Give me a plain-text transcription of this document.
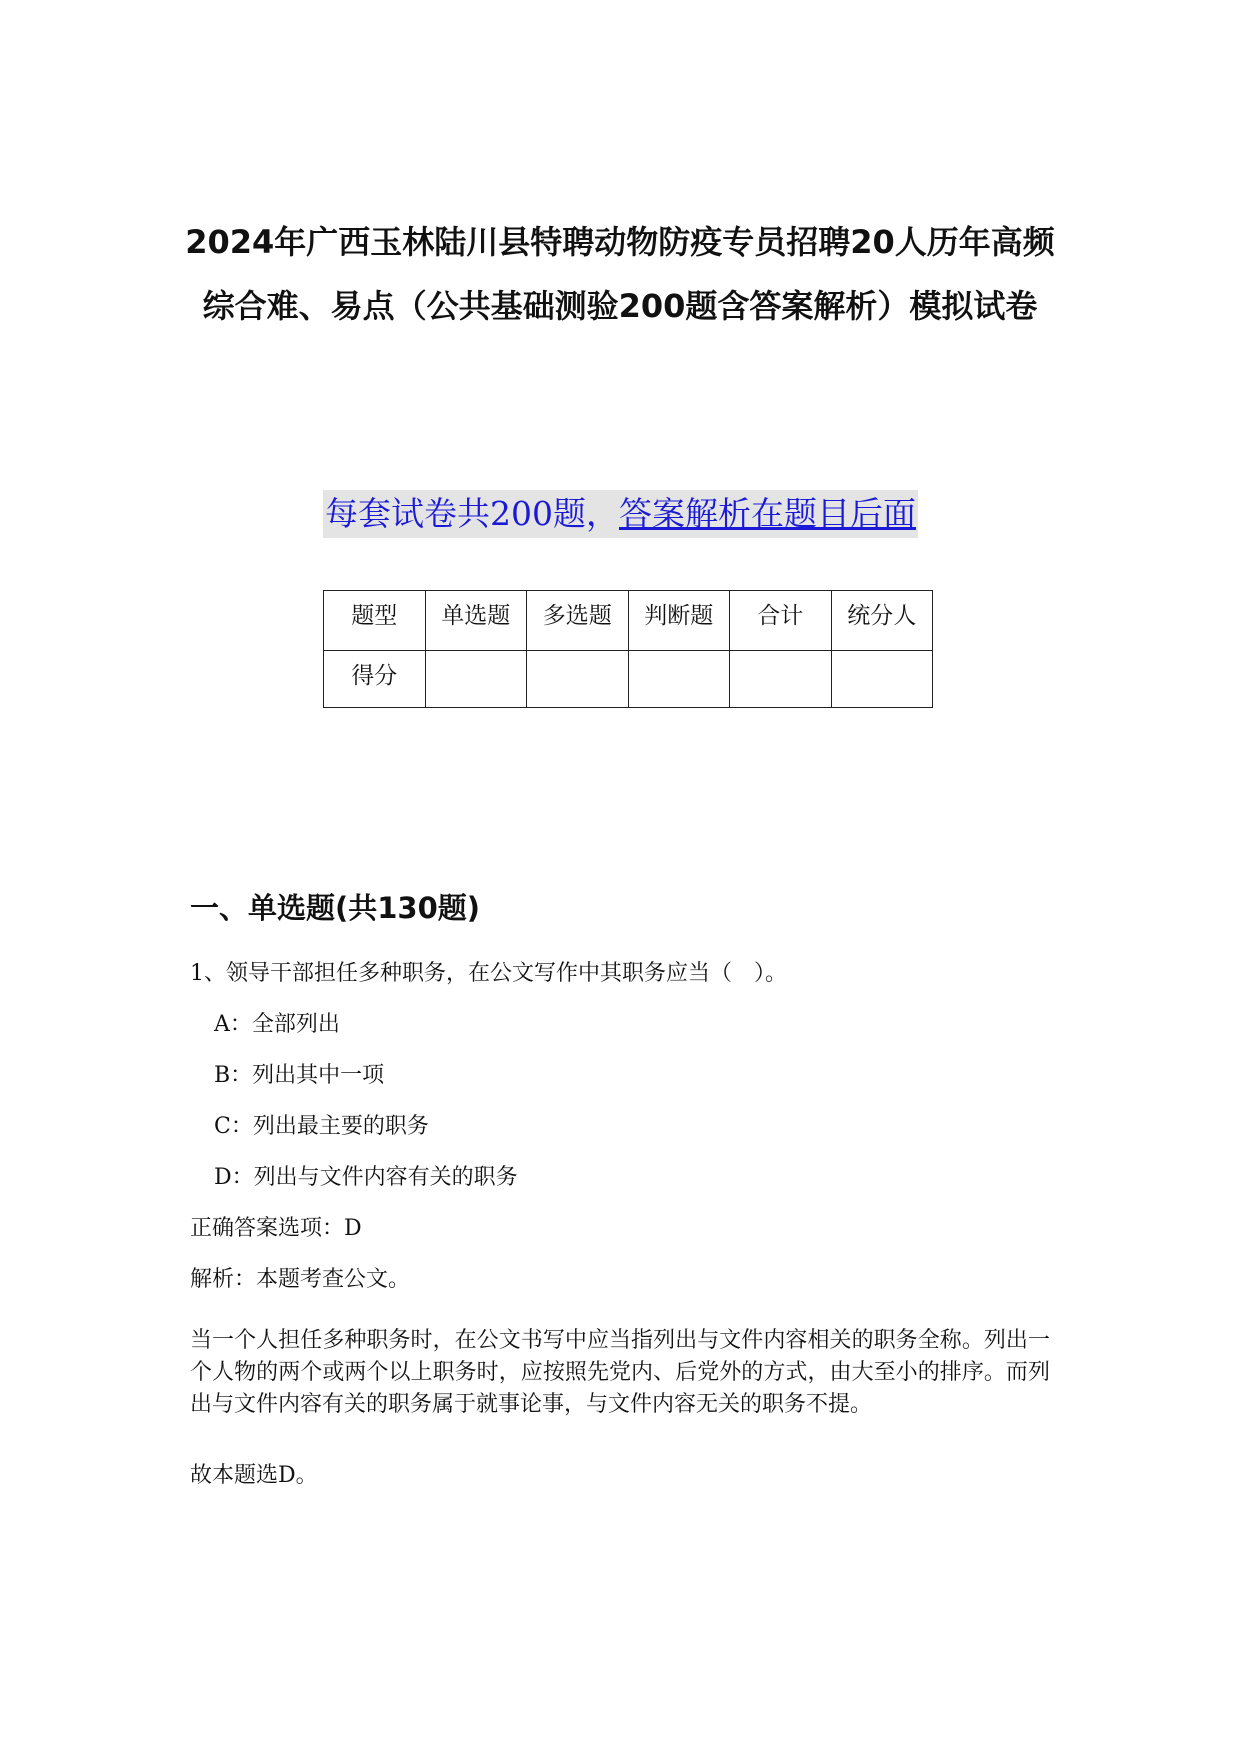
2024年广西玉林陆川县特聘动物防疫专员招聘20人历年高频综合难、易点（公共基础测验200题含答案解析）模拟试卷
每套试卷共200题，答案解析在题目后面
题型	单选题	多选题	判断题	合计	统分人
得分					
一、单选题(共130题)

1、领导干部担任多种职务，在公文写作中其职务应当（　）。

A：全部列出

B：列出其中一项

C：列出最主要的职务

D：列出与文件内容有关的职务

正确答案选项：D

解析：本题考查公文。

当一个人担任多种职务时，在公文书写中应当指列出与文件内容相关的职务全称。列出一个人物的两个或两个以上职务时，应按照先党内、后党外的方式，由大至小的排序。而列出与文件内容有关的职务属于就事论事，与文件内容无关的职务不提。

故本题选D。
